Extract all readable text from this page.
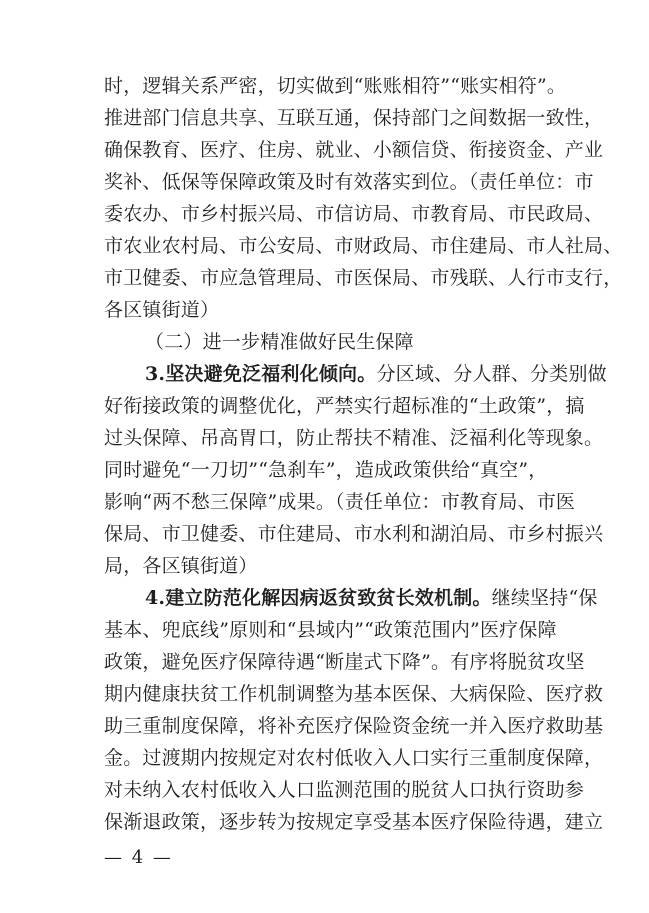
时，逻辑关系严密，切实做到“账账相符”“账实相符”。
推进部门信息共享、互联互通，保持部门之间数据一致性，
确保教育、医疗、住房、就业、小额信贷、衔接资金、产业
奖补、低保等保障政策及时有效落实到位。（责任单位：市
委农办、市乡村振兴局、市信访局、市教育局、市民政局、
市农业农村局、市公安局、市财政局、市住建局、市人社局、
市卫健委、市应急管理局、市医保局、市残联、人行市支行，
各区镇街道）
（二）进一步精准做好民生保障
3.坚决避免泛福利化倾向。分区域、分人群、分类别做
好衔接政策的调整优化，严禁实行超标准的“土政策”，搞
过头保障、吊高胃口，防止帮扶不精准、泛福利化等现象。
同时避免“一刀切”“急刹车”，造成政策供给“真空”，
影响“两不愁三保障”成果。（责任单位：市教育局、市医
保局、市卫健委、市住建局、市水利和湖泊局、市乡村振兴
局，各区镇街道）
4.建立防范化解因病返贫致贫长效机制。继续坚持“保
基本、兜底线”原则和“县域内”“政策范围内”医疗保障
政策，避免医疗保障待遇“断崖式下降”。有序将脱贫攻坚
期内健康扶贫工作机制调整为基本医保、大病保险、医疗救
助三重制度保障，将补充医疗保险资金统一并入医疗救助基
金。过渡期内按规定对农村低收入人口实行三重制度保障，
对未纳入农村低收入人口监测范围的脱贫人口执行资助参
保渐退政策，逐步转为按规定享受基本医疗保险待遇，建立
— 4 —
